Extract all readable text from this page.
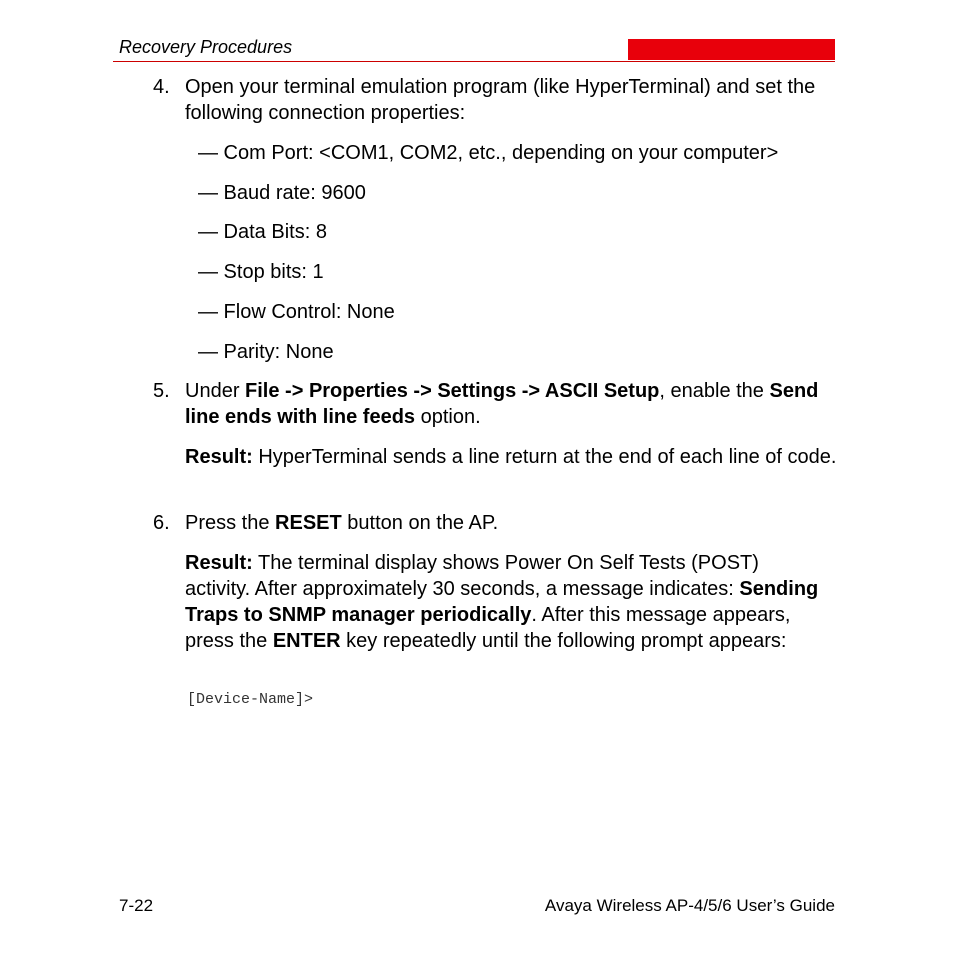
Recovery Procedures
4. Open your terminal emulation program (like HyperTerminal) and set the following connection properties:
— Com Port: <COM1, COM2, etc., depending on your computer>
— Baud rate: 9600
— Data Bits: 8
— Stop bits: 1
— Flow Control: None
— Parity: None
5. Under File -> Properties -> Settings -> ASCII Setup, enable the Send line ends with line feeds option.
Result: HyperTerminal sends a line return at the end of each line of code.
6. Press the RESET button on the AP.
Result: The terminal display shows Power On Self Tests (POST) activity. After approximately 30 seconds, a message indicates: Sending Traps to SNMP manager periodically. After this message appears, press the ENTER key repeatedly until the following prompt appears:
[Device-Name]>
7-22	Avaya Wireless AP-4/5/6 User’s Guide
